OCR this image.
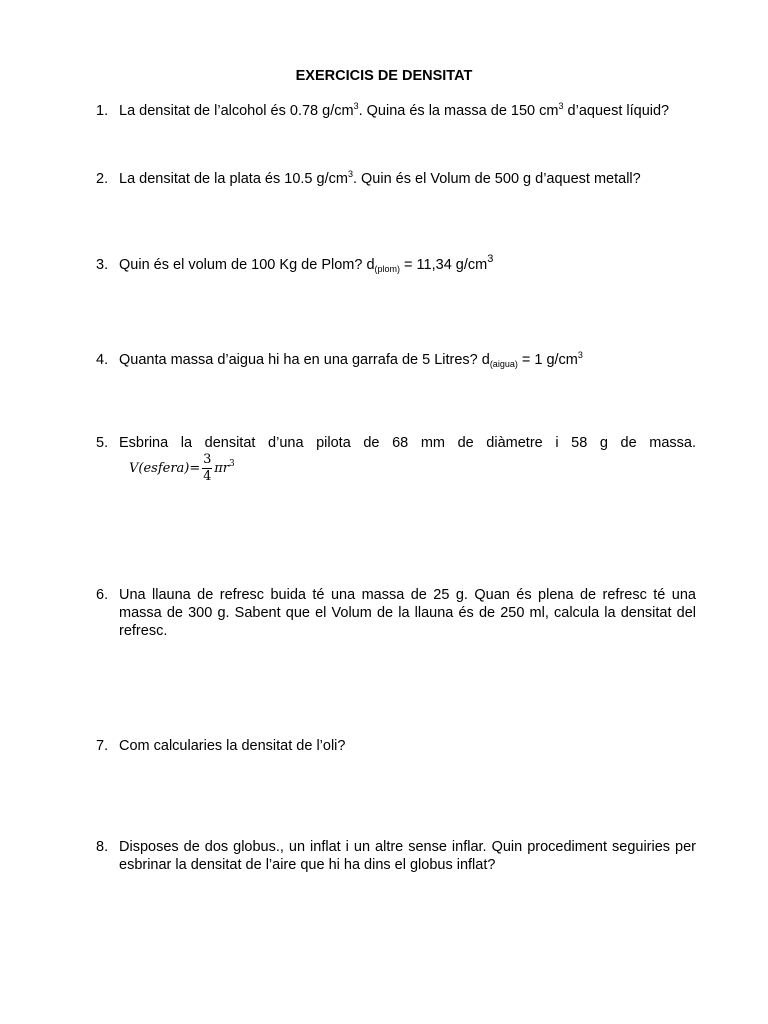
EXERCICIS DE DENSITAT
1. La densitat de l’alcohol és 0.78 $g/cm^3$. Quina és la massa de 150 $cm^3$ d’aquest líquid?
2. La densitat de la plata és 10.5 $g/cm^3$. Quin és el Volum de 500 g d’aquest metall?
3. Quin és el volum de 100 Kg de Plom? $d_{(plom)} = 11,34$ $g/cm^3$
4. Quanta massa d’aigua hi ha en una garrafa de 5 Litres? $d_{(aigua)} = 1$ $g/cm^3$
5. Esbrina la densitat d’una pilota de 68 mm de diàmetre i 58 g de massa.
V(esfera)= $\frac{3}{4} \pi r^3$
6. Una llauna de refresc buida té una massa de 25 g. Quan és plena de refresc té una massa de 300 g. Sabent que el Volum de la llauna és de 250 ml, calcula la densitat del refresc.
7. Com calcularies la densitat de l’oli?
8. Disposes de dos globus., un inflat i un altre sense inflar. Quin procediment seguiries per esbrinar la densitat de l’aire que hi ha dins el globus inflat?
